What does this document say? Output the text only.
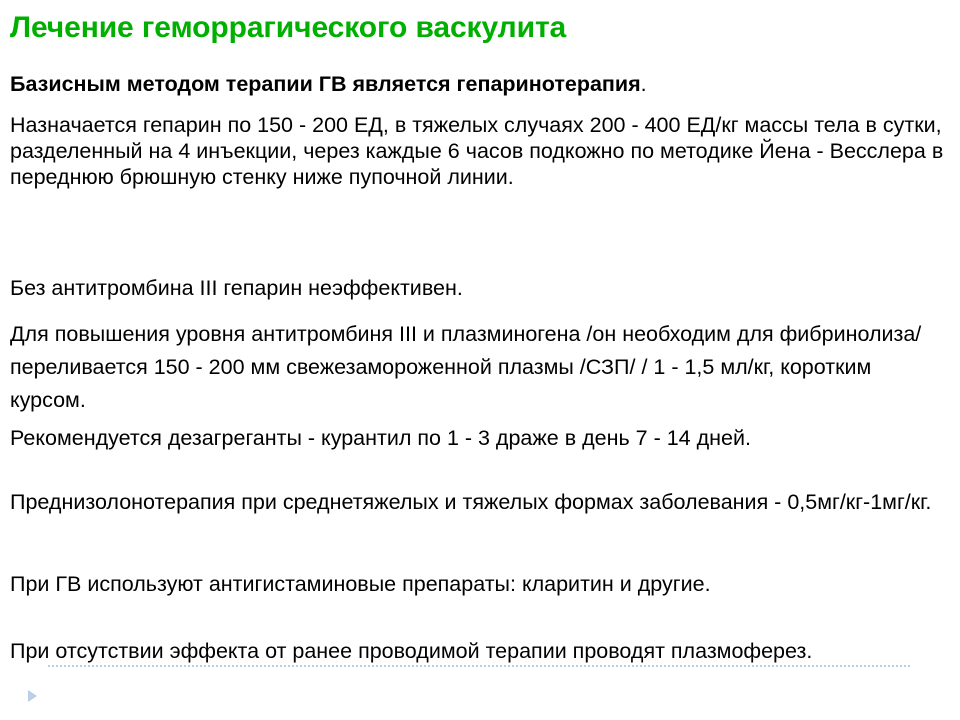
Лечение геморрагического васкулита

Базисным методом терапии ГВ является гепаринотерапия.

Назначается гепарин по 150 - 200 ЕД, в тяжелых случаях 200 - 400 ЕД/кг массы тела в сутки, разделенный на 4 инъекции, через каждые 6 часов подкожно по методике Йена - Весслера в переднюю брюшную стенку ниже пупочной линии.

Без антитромбина III гепарин неэффективен.

Для повышения уровня антитромбиня III и плазминогена /он необходим для фибринолиза/ переливается 150 - 200 мм свежезамороженной плазмы /СЗП/ / 1 - 1,5 мл/кг, коротким курсом.

Рекомендуется дезагреганты - курантил по 1 - 3 драже в день 7 - 14 дней.

Преднизолонотерапия при среднетяжелых и тяжелых формах заболевания - 0,5мг/кг-1мг/кг.

При ГВ используют антигистаминовые препараты: кларитин и другие.

При отсутствии эффекта от ранее проводимой терапии проводят плазмоферез.
